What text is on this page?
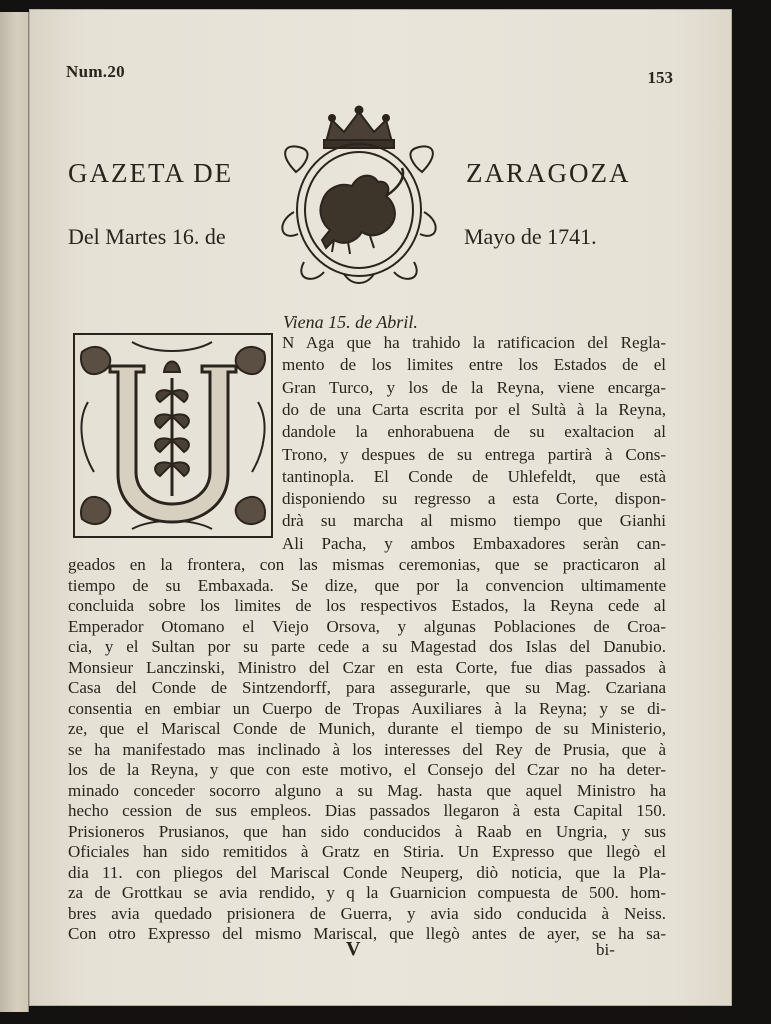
Num.20	153
GAZETA DE	ZARAGOZA
Del Martes 16. de	Mayo de 1741.
Viena 15. de Abril.
N Aga que ha trahido la ratificacion del Regla-
mento de los limites entre los Estados de el
Gran Turco, y los de la Reyna, viene encarga-
do de una Carta escrita por el Sultà à la Reyna,
dandole la enhorabuena de su exaltacion al
Trono, y despues de su entrega partirà à Cons-
tantinopla. El Conde de Uhlefeldt, que està
disponiendo su regresso a esta Corte, dispon-
drà su marcha al mismo tiempo que Gianhi
Ali Pacha, y ambos Embaxadores seràn can-
geados en la frontera, con las mismas ceremonias, que se practicaron al
tiempo de su Embaxada. Se dize, que por la convencion ultimamente
concluida sobre los limites de los respectivos Estados, la Reyna cede al
Emperador Otomano el Viejo Orsova, y algunas Poblaciones de Croa-
cia, y el Sultan por su parte cede a su Magestad dos Islas del Danubio.
Monsieur Lanczinski, Ministro del Czar en esta Corte, fue dias passados à
Casa del Conde de Sintzendorff, para assegurarle, que su Mag. Czariana
consentia en embiar un Cuerpo de Tropas Auxiliares à la Reyna; y se di-
ze, que el Mariscal Conde de Munich, durante el tiempo de su Ministerio,
se ha manifestado mas inclinado à los interesses del Rey de Prusia, que à
los de la Reyna, y que con este motivo, el Consejo del Czar no ha deter-
minado conceder socorro alguno a su Mag. hasta que aquel Ministro ha
hecho cession de sus empleos. Dias passados llegaron à esta Capital 150.
Prisioneros Prusianos, que han sido conducidos à Raab en Ungria, y sus
Oficiales han sido remitidos à Gratz en Stiria. Un Expresso que llegò el
dia 11. con pliegos del Mariscal Conde Neuperg, diò noticia, que la Pla-
za de Grottkau se avia rendido, y q la Guarnicion compuesta de 500. hom-
bres avia quedado prisionera de Guerra, y avia sido conducida à Neiss.
Con otro Expresso del mismo Mariscal, que llegò antes de ayer, se ha sa-
V	bi-
